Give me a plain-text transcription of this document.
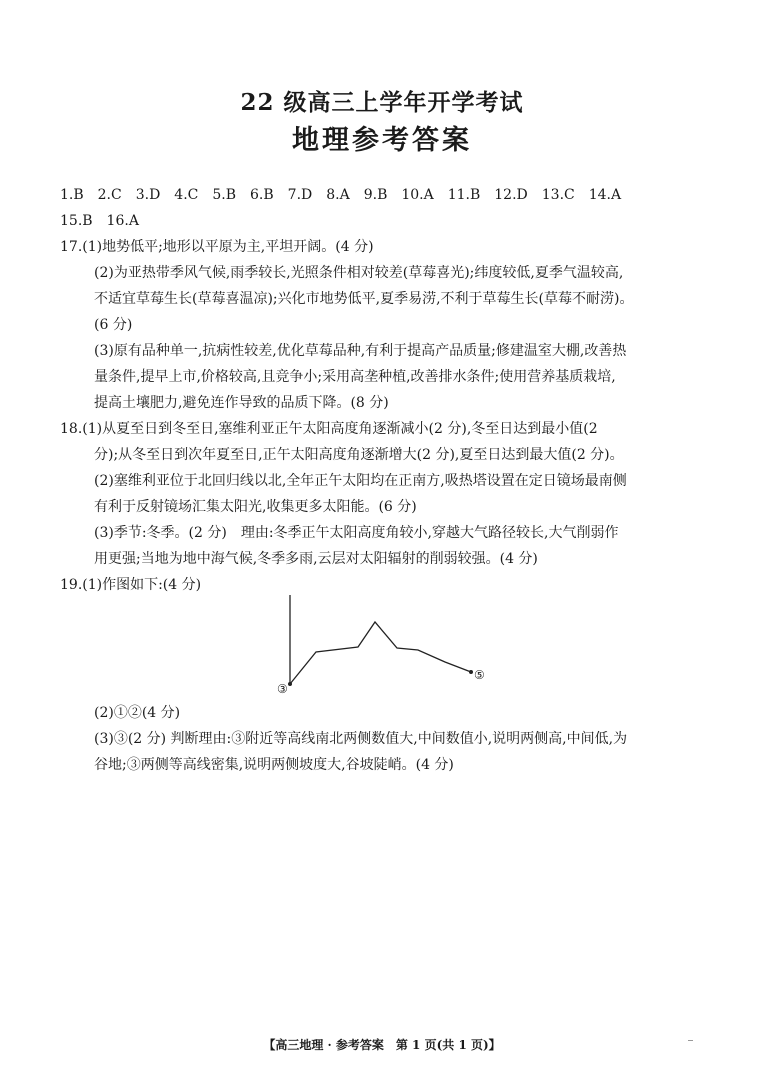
22 级高三上学年开学考试
地理参考答案
1.B　2.C　3.D　4.C　5.B　6.B　7.D　8.A　9.B　10.A　11.B　12.D　13.C　14.A
15.B　16.A
17.(1)地势低平;地形以平原为主,平坦开阔。(4 分)
(2)为亚热带季风气候,雨季较长,光照条件相对较差(草莓喜光);纬度较低,夏季气温较高,
不适宜草莓生长(草莓喜温凉);兴化市地势低平,夏季易涝,不利于草莓生长(草莓不耐涝)。
(6 分)
(3)原有品种单一,抗病性较差,优化草莓品种,有利于提高产品质量;修建温室大棚,改善热
量条件,提早上市,价格较高,且竞争小;采用高垄种植,改善排水条件;使用营养基质栽培,
提高土壤肥力,避免连作导致的品质下降。(8 分)
18.(1)从夏至日到冬至日,塞维利亚正午太阳高度角逐渐减小(2 分),冬至日达到最小值(2
分);从冬至日到次年夏至日,正午太阳高度角逐渐增大(2 分),夏至日达到最大值(2 分)。
(2)塞维利亚位于北回归线以北,全年正午太阳均在正南方,吸热塔设置在定日镜场最南侧
有利于反射镜场汇集太阳光,收集更多太阳能。(6 分)
(3)季节:冬季。(2 分)　理由:冬季正午太阳高度角较小,穿越大气路径较长,大气削弱作
用更强;当地为地中海气候,冬季多雨,云层对太阳辐射的削弱较强。(4 分)
19.(1)作图如下:(4 分)
③
⑤
(2)①②(4 分)
(3)③(2 分) 判断理由:③附近等高线南北两侧数值大,中间数值小,说明两侧高,中间低,为
谷地;③两侧等高线密集,说明两侧坡度大,谷坡陡峭。(4 分)
【高三地理 · 参考答案　第 1 页(共 1 页)】
